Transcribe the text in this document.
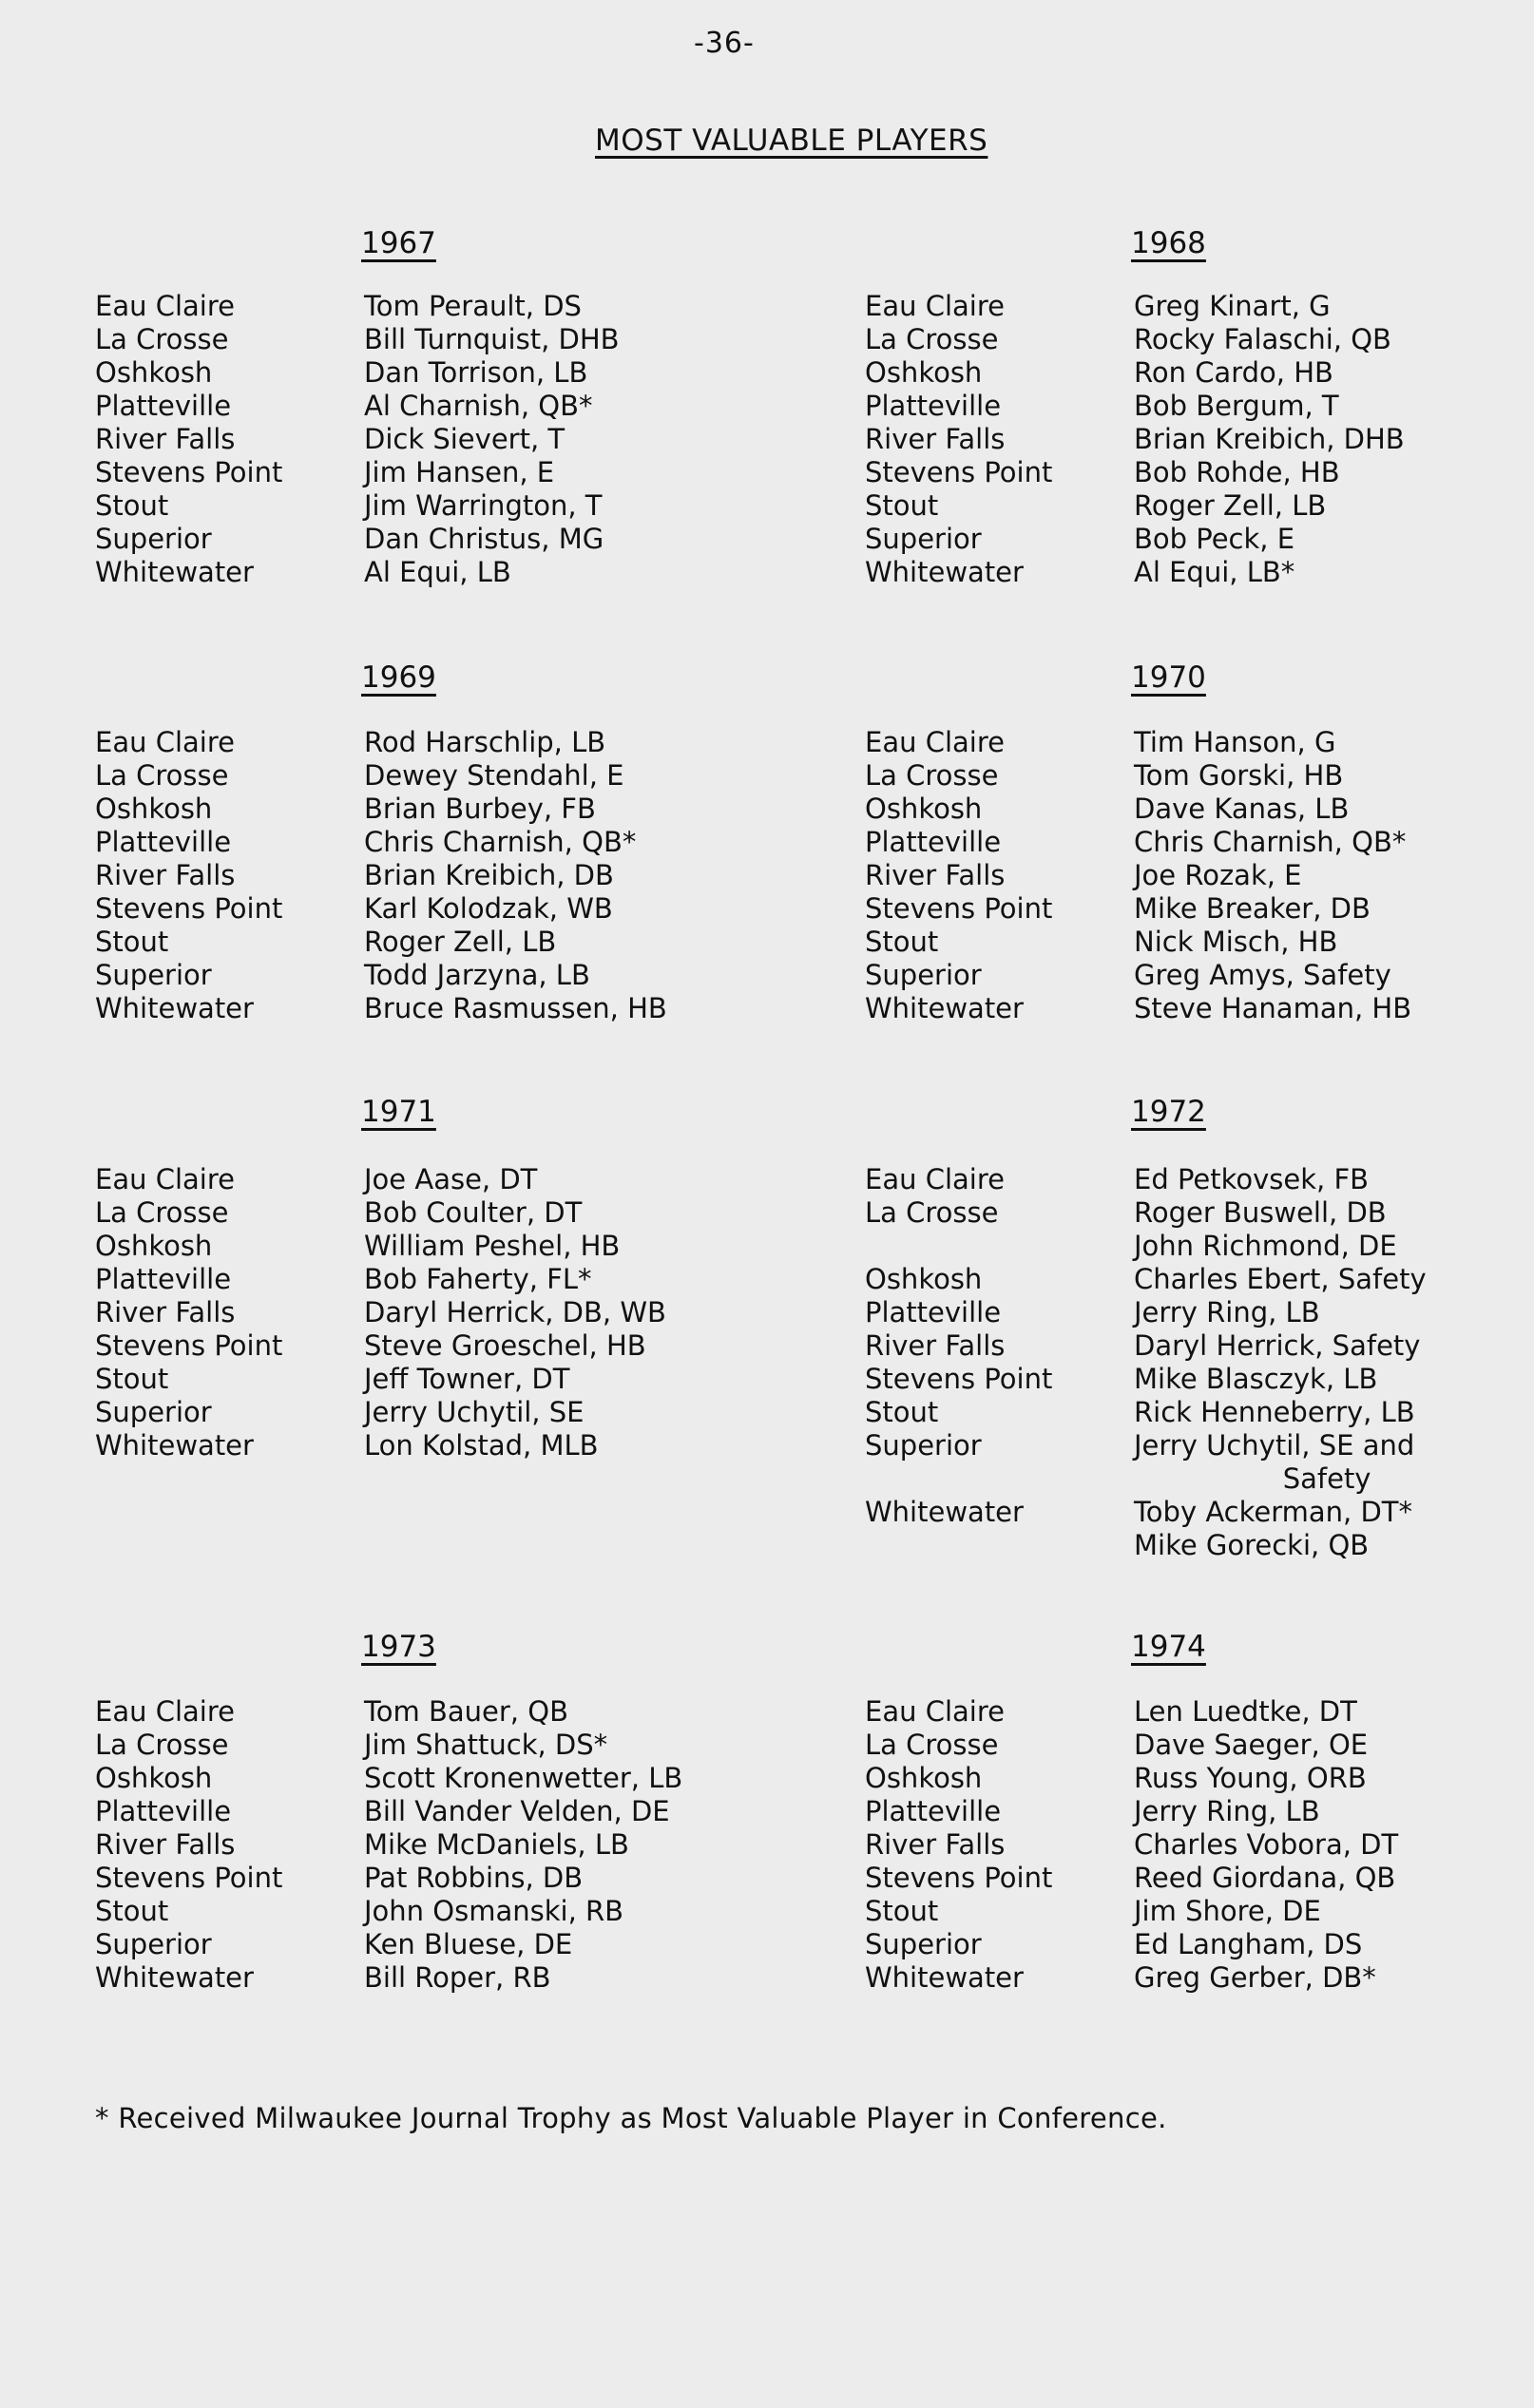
-36-
MOST VALUABLE PLAYERS
1967	1968
1969	1970
1971	1972
1973	1974
Eau Claire	Tom Perault, DS
La Crosse	Bill Turnquist, DHB
Oshkosh	Dan Torrison, LB
Platteville	Al Charnish, QB*
River Falls	Dick Sievert, T
Stevens Point	Jim Hansen, E
Stout	Jim Warrington, T
Superior	Dan Christus, MG
Whitewater	Al Equi, LB
Eau Claire	Greg Kinart, G
La Crosse	Rocky Falaschi, QB
Oshkosh	Ron Cardo, HB
Platteville	Bob Bergum, T
River Falls	Brian Kreibich, DHB
Stevens Point	Bob Rohde, HB
Stout	Roger Zell, LB
Superior	Bob Peck, E
Whitewater	Al Equi, LB*
Eau Claire	Rod Harschlip, LB
La Crosse	Dewey Stendahl, E
Oshkosh	Brian Burbey, FB
Platteville	Chris Charnish, QB*
River Falls	Brian Kreibich, DB
Stevens Point	Karl Kolodzak, WB
Stout	Roger Zell, LB
Superior	Todd Jarzyna, LB
Whitewater	Bruce Rasmussen, HB
Eau Claire	Tim Hanson, G
La Crosse	Tom Gorski, HB
Oshkosh	Dave Kanas, LB
Platteville	Chris Charnish, QB*
River Falls	Joe Rozak, E
Stevens Point	Mike Breaker, DB
Stout	Nick Misch, HB
Superior	Greg Amys, Safety
Whitewater	Steve Hanaman, HB
Eau Claire	Joe Aase, DT
La Crosse	Bob Coulter, DT
Oshkosh	William Peshel, HB
Platteville	Bob Faherty, FL*
River Falls	Daryl Herrick, DB, WB
Stevens Point	Steve Groeschel, HB
Stout	Jeff Towner, DT
Superior	Jerry Uchytil, SE
Whitewater	Lon Kolstad, MLB
Eau Claire	Ed Petkovsek, FB
La Crosse	Roger Buswell, DB
John Richmond, DE
Oshkosh	Charles Ebert, Safety
Platteville	Jerry Ring, LB
River Falls	Daryl Herrick, Safety
Stevens Point	Mike Blasczyk, LB
Stout	Rick Henneberry, LB
Superior	Jerry Uchytil, SE and
Safety
Whitewater	Toby Ackerman, DT*
Mike Gorecki, QB
Eau Claire	Tom Bauer, QB
La Crosse	Jim Shattuck, DS*
Oshkosh	Scott Kronenwetter, LB
Platteville	Bill Vander Velden, DE
River Falls	Mike McDaniels, LB
Stevens Point	Pat Robbins, DB
Stout	John Osmanski, RB
Superior	Ken Bluese, DE
Whitewater	Bill Roper, RB
Eau Claire	Len Luedtke, DT
La Crosse	Dave Saeger, OE
Oshkosh	Russ Young, ORB
Platteville	Jerry Ring, LB
River Falls	Charles Vobora, DT
Stevens Point	Reed Giordana, QB
Stout	Jim Shore, DE
Superior	Ed Langham, DS
Whitewater	Greg Gerber, DB*
* Received Milwaukee Journal Trophy as Most Valuable Player in Conference.
